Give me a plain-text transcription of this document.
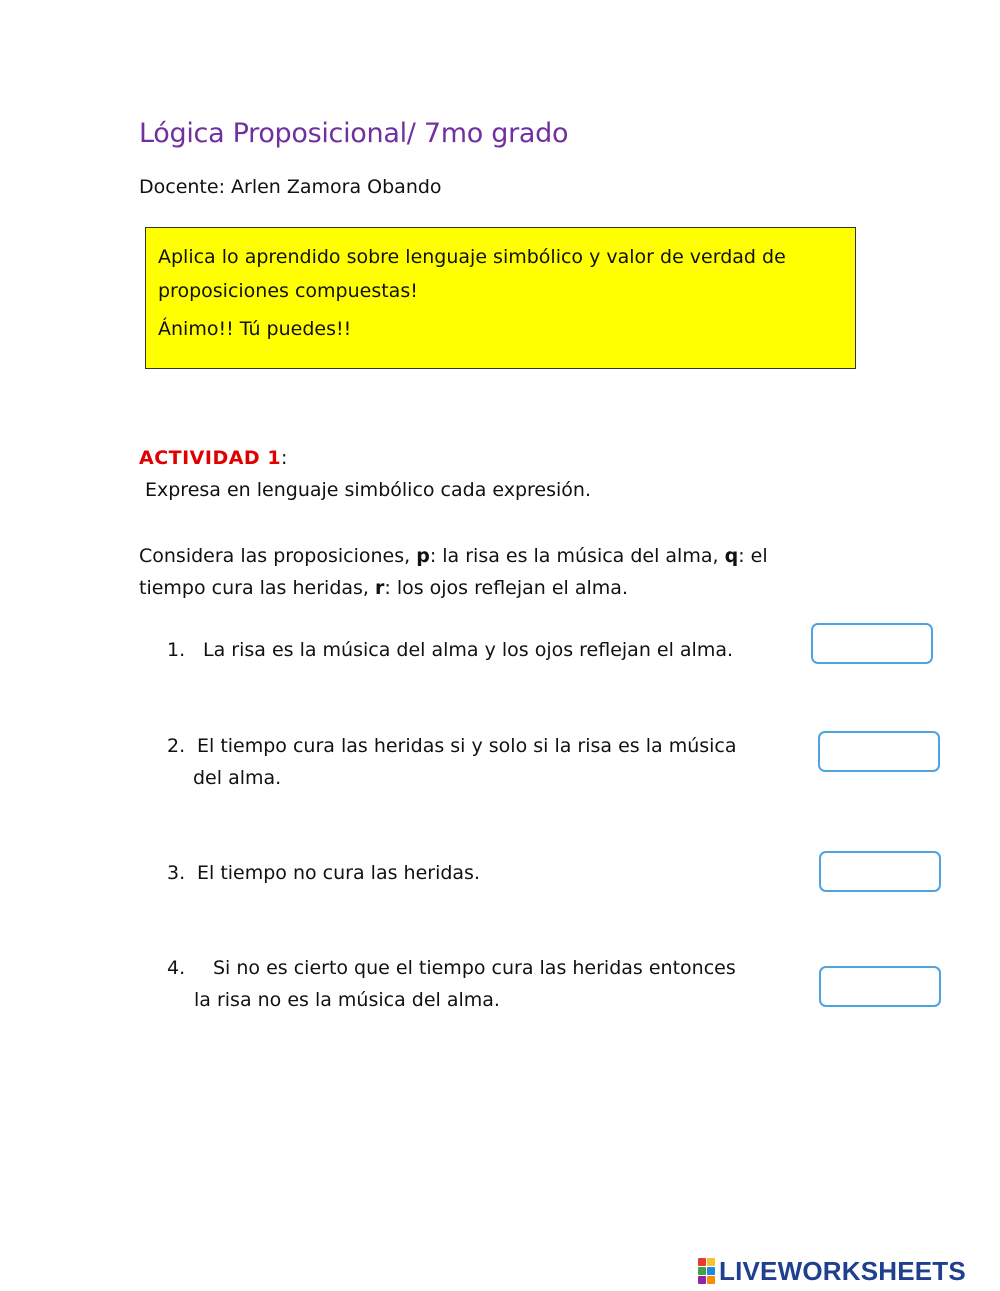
Lógica Proposicional/ 7mo grado
Docente: Arlen Zamora Obando
Aplica lo aprendido sobre lenguaje simbólico y valor de verdad de proposiciones compuestas!
Ánimo!! Tú puedes!!
ACTIVIDAD 1:
Expresa en lenguaje simbólico cada expresión.
Considera las proposiciones, p: la risa es la música del alma, q: el tiempo cura las heridas, r: los ojos reflejan el alma.
1. La risa es la música del alma y los ojos reflejan el alma.
2. El tiempo cura las heridas si y solo si la risa es la música
del alma.
3. El tiempo no cura las heridas.
4. Si no es cierto que el tiempo cura las heridas entonces
la risa no es la música del alma.
LIVEWORKSHEETS
